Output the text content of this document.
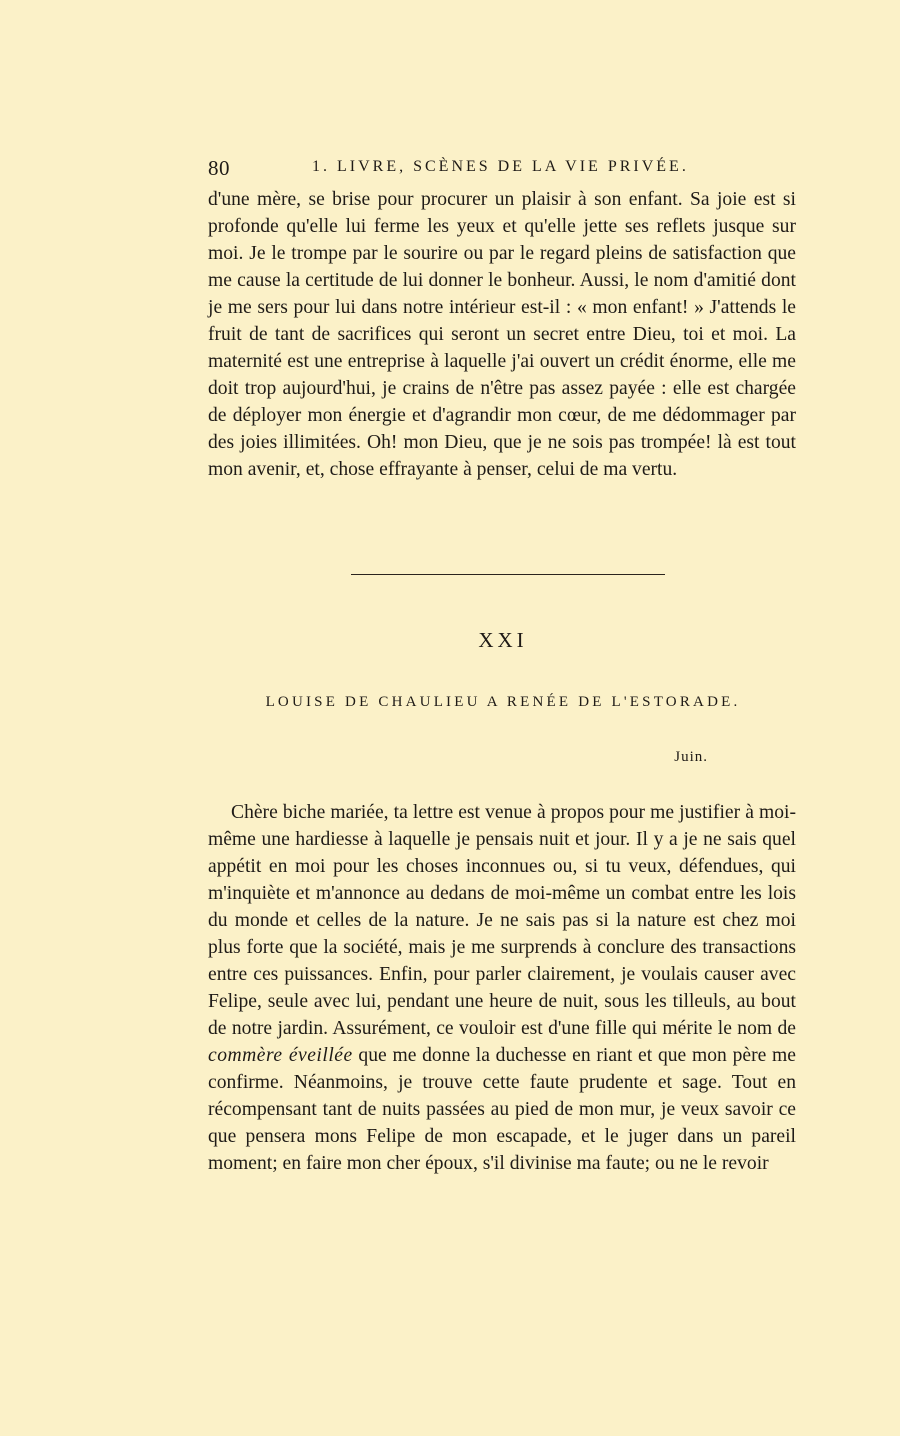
80	1. LIVRE, SCÈNES DE LA VIE PRIVÉE.

d'une mère, se brise pour procurer un plaisir à son enfant. Sa joie est si profonde qu'elle lui ferme les yeux et qu'elle jette ses reflets jusque sur moi. Je le trompe par le sourire ou par le regard pleins de satisfaction que me cause la certitude de lui donner le bonheur. Aussi, le nom d'amitié dont je me sers pour lui dans notre intérieur est-il : « mon enfant! » J'attends le fruit de tant de sacrifices qui seront un secret entre Dieu, toi et moi. La maternité est une entreprise à laquelle j'ai ouvert un crédit énorme, elle me doit trop aujourd'hui, je crains de n'être pas assez payée : elle est chargée de déployer mon énergie et d'agrandir mon cœur, de me dédommager par des joies illimitées. Oh! mon Dieu, que je ne sois pas trompée! là est tout mon avenir, et, chose effrayante à penser, celui de ma vertu.

XXI
LOUISE DE CHAULIEU A RENÉE DE L'ESTORADE.
Juin.

Chère biche mariée, ta lettre est venue à propos pour me justifier à moi-même une hardiesse à laquelle je pensais nuit et jour. Il y a je ne sais quel appétit en moi pour les choses inconnues ou, si tu veux, défendues, qui m'inquiète et m'annonce au dedans de moi-même un combat entre les lois du monde et celles de la nature. Je ne sais pas si la nature est chez moi plus forte que la société, mais je me surprends à conclure des transactions entre ces puissances. Enfin, pour parler clairement, je voulais causer avec Felipe, seule avec lui, pendant une heure de nuit, sous les tilleuls, au bout de notre jardin. Assurément, ce vouloir est d'une fille qui mérite le nom de commère éveillée que me donne la duchesse en riant et que mon père me confirme. Néanmoins, je trouve cette faute prudente et sage. Tout en récompensant tant de nuits passées au pied de mon mur, je veux savoir ce que pensera mons Felipe de mon escapade, et le juger dans un pareil moment; en faire mon cher époux, s'il divinise ma faute; ou ne le revoir
